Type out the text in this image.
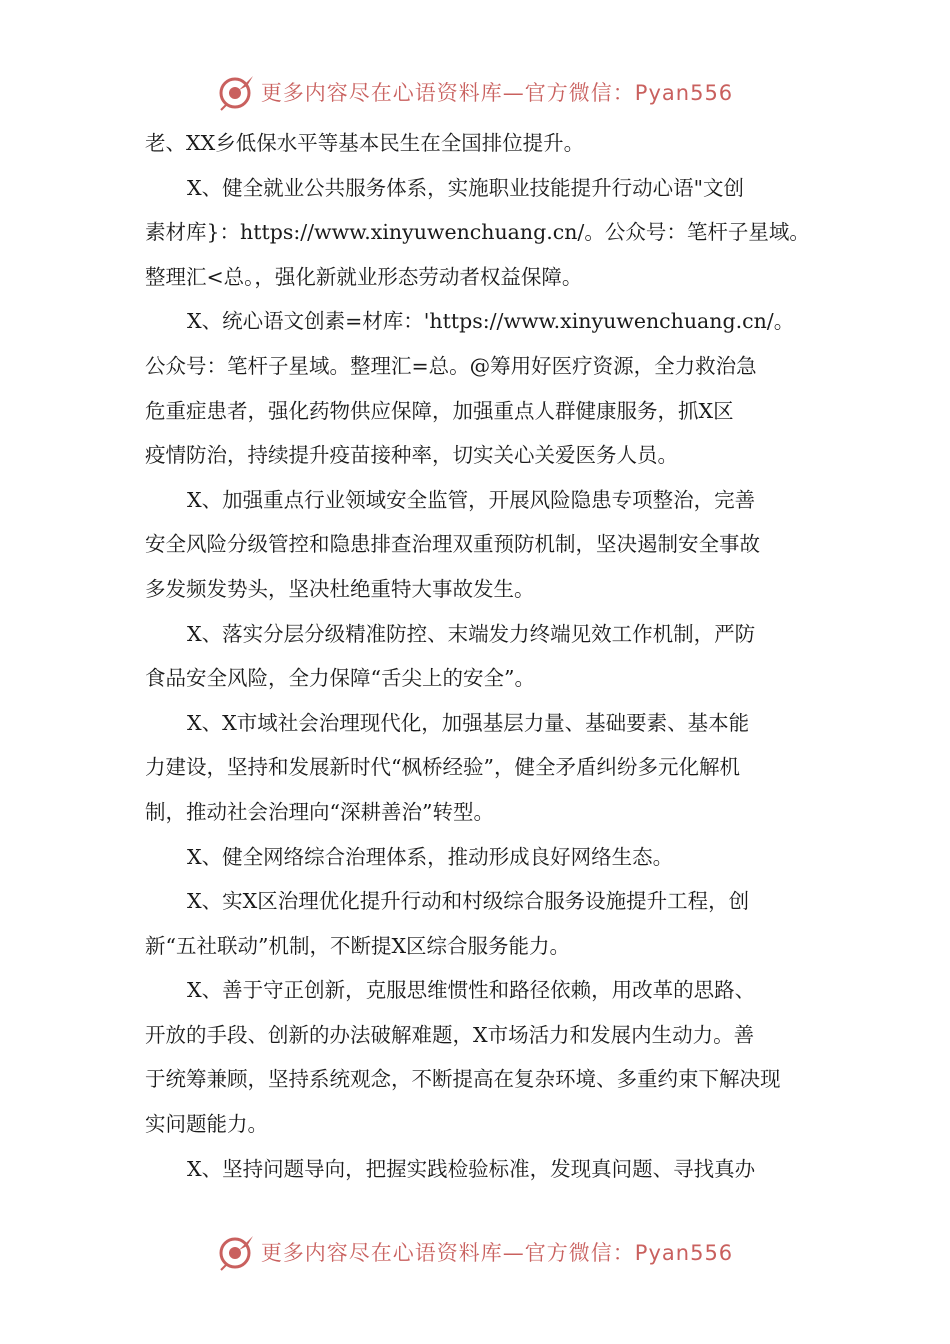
更多内容尽在心语资料库—官方微信：Pyan556
老、XX乡低保水平等基本民生在全国排位提升。
X、健全就业公共服务体系，实施职业技能提升行动心语"文创
素材库}：https://www.xinyuwenchuang.cn/。公众号：笔杆子星域。
整理汇<总。，强化新就业形态劳动者权益保障。
X、统心语文创素=材库：'https://www.xinyuwenchuang.cn/。
公众号：笔杆子星域。整理汇=总。@筹用好医疗资源，全力救治急
危重症患者，强化药物供应保障，加强重点人群健康服务，抓X区
疫情防治，持续提升疫苗接种率，切实关心关爱医务人员。
X、加强重点行业领域安全监管，开展风险隐患专项整治，完善
安全风险分级管控和隐患排查治理双重预防机制，坚决遏制安全事故
多发频发势头，坚决杜绝重特大事故发生。
X、落实分层分级精准防控、末端发力终端见效工作机制，严防
食品安全风险，全力保障“舌尖上的安全”。
X、X市域社会治理现代化，加强基层力量、基础要素、基本能
力建设，坚持和发展新时代“枫桥经验”，健全矛盾纠纷多元化解机
制，推动社会治理向“深耕善治”转型。
X、健全网络综合治理体系，推动形成良好网络生态。
X、实X区治理优化提升行动和村级综合服务设施提升工程，创
新“五社联动”机制，不断提X区综合服务能力。
X、善于守正创新，克服思维惯性和路径依赖，用改革的思路、
开放的手段、创新的办法破解难题，X市场活力和发展内生动力。善
于统筹兼顾，坚持系统观念，不断提高在复杂环境、多重约束下解决现
实问题能力。
X、坚持问题导向，把握实践检验标准，发现真问题、寻找真办
更多内容尽在心语资料库—官方微信：Pyan556
